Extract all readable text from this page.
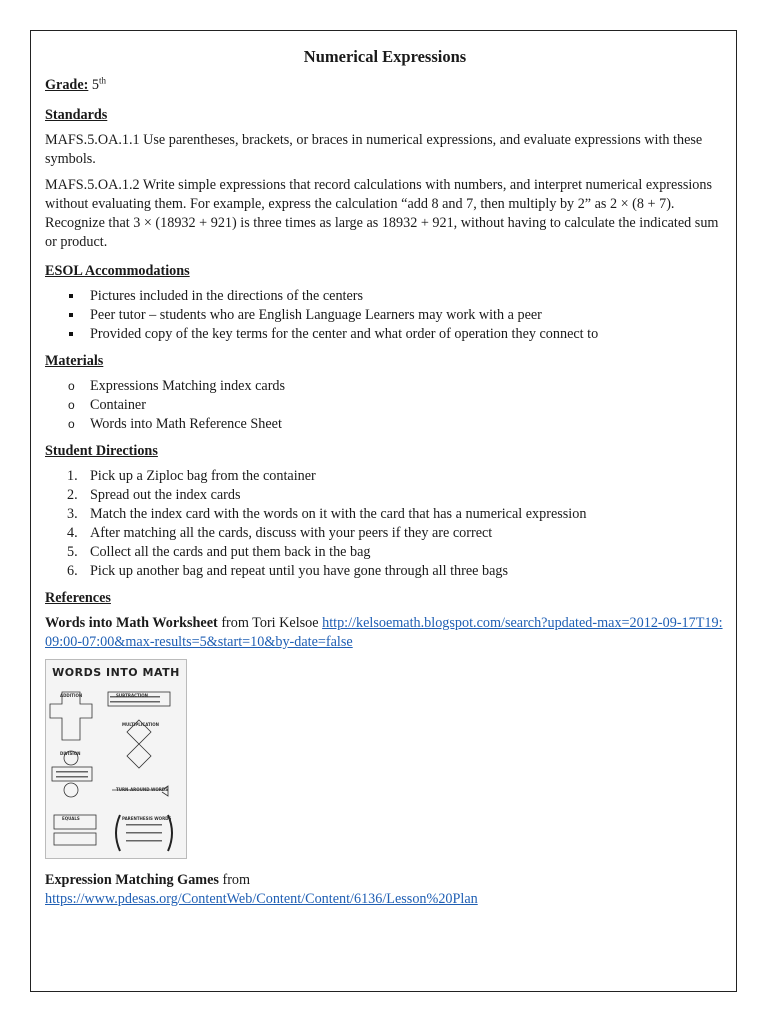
Numerical Expressions

Grade: 5th

Standards

MAFS.5.OA.1.1 Use parentheses, brackets, or braces in numerical expressions, and evaluate expressions with these symbols.

MAFS.5.OA.1.2 Write simple expressions that record calculations with numbers, and interpret numerical expressions without evaluating them. For example, express the calculation “add 8 and 7, then multiply by 2” as 2 × (8 + 7). Recognize that 3 × (18932 + 921) is three times as large as 18932 + 921, without having to calculate the indicated sum or product.

ESOL Accommodations
Pictures included in the directions of the centers
Peer tutor – students who are English Language Learners may work with a peer
Provided copy of the key terms for the center and what order of operation they connect to
Materials
o Expressions Matching index cards
o Container
o Words into Math Reference Sheet
Student Directions
1. Pick up a Ziploc bag from the container
2. Spread out the index cards
3. Match the index card with the words on it with the card that has a numerical expression
4. After matching all the cards, discuss with your peers if they are correct
5. Collect all the cards and put them back in the bag
6. Pick up another bag and repeat until you have gone through all three bags
References

Words into Math Worksheet from Tori Kelsoe http://kelsoemath.blogspot.com/search?updated-max=2012-09-17T19:09:00-07:00&max-results=5&start=10&by-date=false

WORDS INTO MATH
ADDITION	SUBTRACTION
MULTIPLICATION
DIVISION
TURN-AROUND WORDS
EQUALS	PARENTHESIS WORDS

Expression Matching Games from
https://www.pdesas.org/ContentWeb/Content/Content/6136/Lesson%20Plan
